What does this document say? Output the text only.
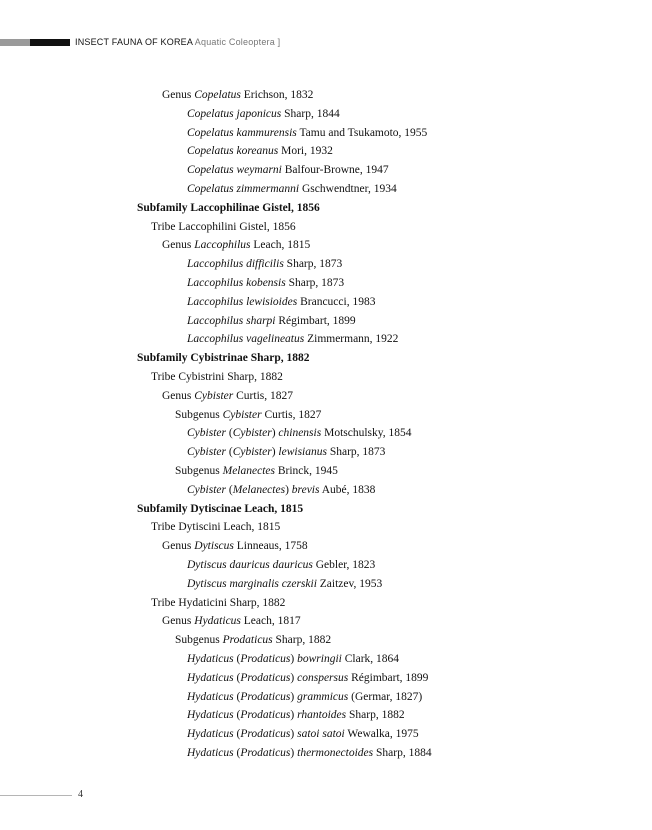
INSECT FAUNA OF KOREA Aquatic Coleoptera ]
Genus Copelatus Erichson, 1832
Copelatus japonicus Sharp, 1844
Copelatus kammurensis Tamu and Tsukamoto, 1955
Copelatus koreanus Mori, 1932
Copelatus weymarni Balfour-Browne, 1947
Copelatus zimmermanni Gschwendtner, 1934
Subfamily Laccophilinae Gistel, 1856
Tribe Laccophilini Gistel, 1856
Genus Laccophilus Leach, 1815
Laccophilus difficilis Sharp, 1873
Laccophilus kobensis Sharp, 1873
Laccophilus lewisioides Brancucci, 1983
Laccophilus sharpi Régimbart, 1899
Laccophilus vagelineatus Zimmermann, 1922
Subfamily Cybistrinae Sharp, 1882
Tribe Cybistrini Sharp, 1882
Genus Cybister Curtis, 1827
Subgenus Cybister Curtis, 1827
Cybister (Cybister) chinensis Motschulsky, 1854
Cybister (Cybister) lewisianus Sharp, 1873
Subgenus Melanectes Brinck, 1945
Cybister (Melanectes) brevis Aubé, 1838
Subfamily Dytiscinae Leach, 1815
Tribe Dytiscini Leach, 1815
Genus Dytiscus Linneaus, 1758
Dytiscus dauricus dauricus Gebler, 1823
Dytiscus marginalis czerskii Zaitzev, 1953
Tribe Hydaticini Sharp, 1882
Genus Hydaticus Leach, 1817
Subgenus Prodaticus Sharp, 1882
Hydaticus (Prodaticus) bowringii Clark, 1864
Hydaticus (Prodaticus) conspersus Régimbart, 1899
Hydaticus (Prodaticus) grammicus (Germar, 1827)
Hydaticus (Prodaticus) rhantoides Sharp, 1882
Hydaticus (Prodaticus) satoi satoi Wewalka, 1975
Hydaticus (Prodaticus) thermonectoides Sharp, 1884
4
